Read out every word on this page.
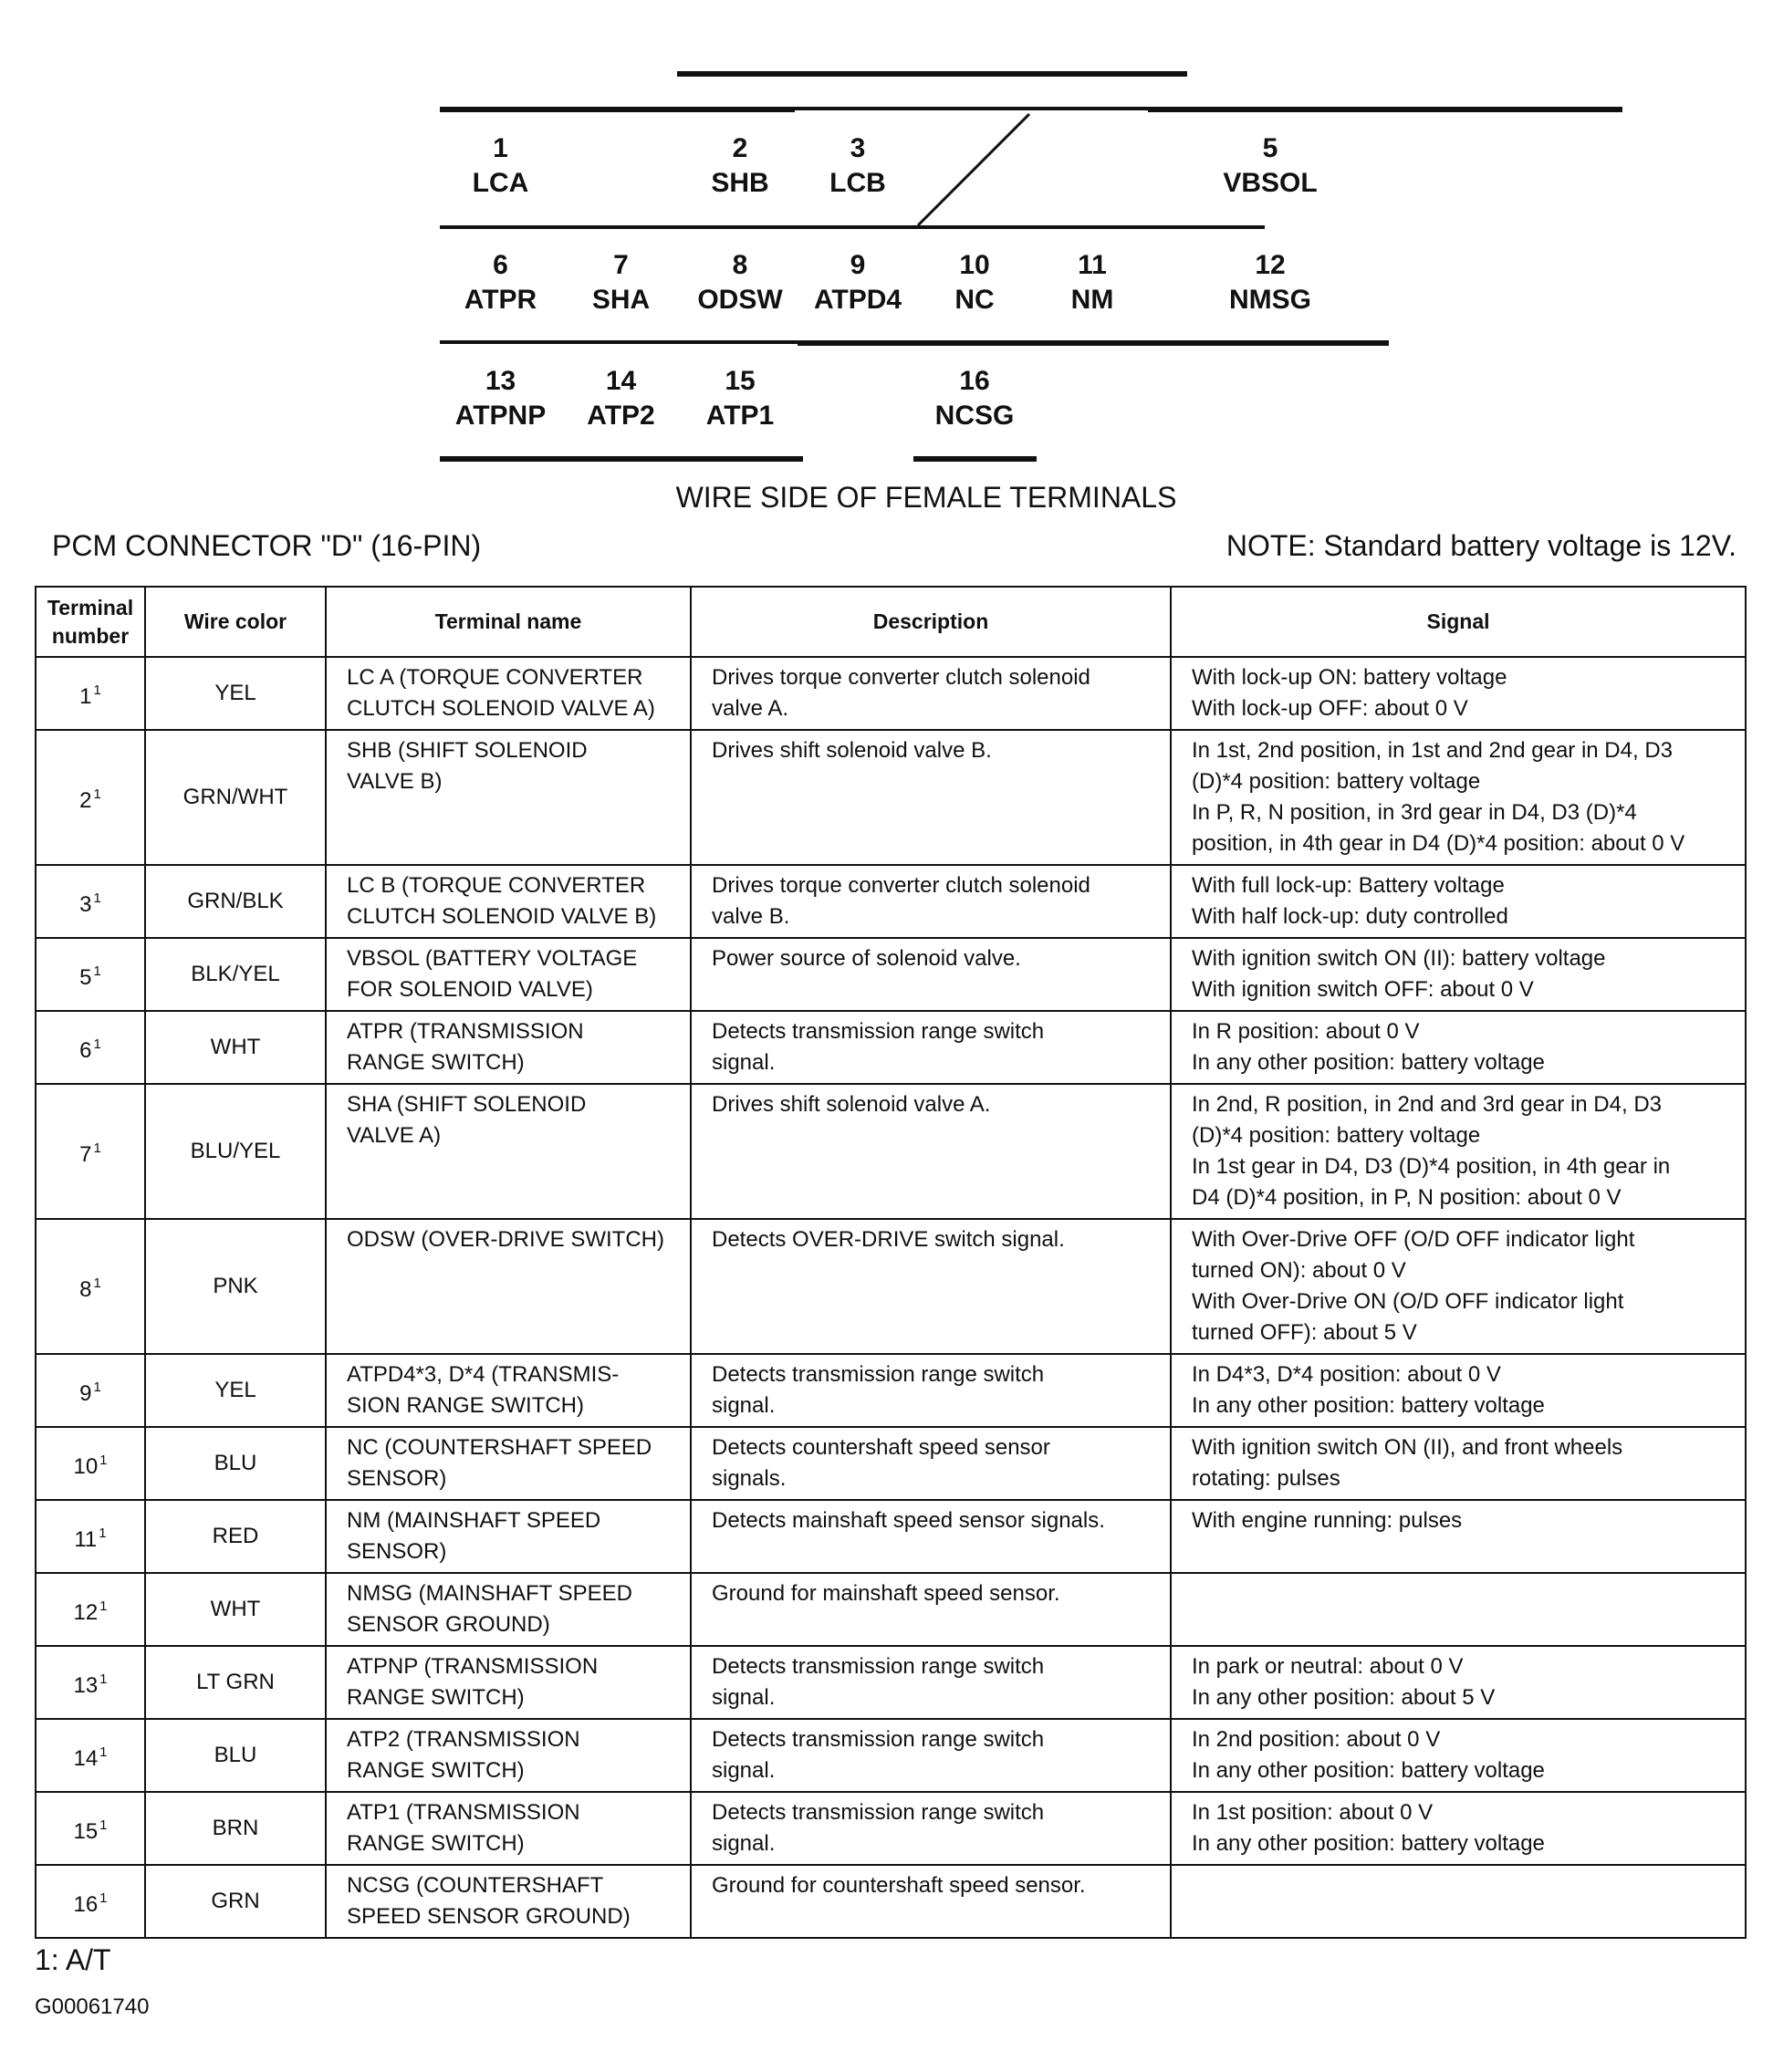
1
LCA
2
SHB
3
LCB
5
VBSOL
6
ATPR
7
SHA
8
ODSW
9
ATPD4
10
NC
11
NM
12
NMSG
13
ATPNP
14
ATP2
15
ATP1
16
NCSG
WIRE SIDE OF FEMALE TERMINALS
PCM CONNECTOR "D" (16-PIN)	NOTE: Standard battery voltage is 12V.
Terminal
number	Wire color	Terminal name	Description	Signal
1 $^1$	YEL	LC A (TORQUE CONVERTER
CLUTCH SOLENOID VALVE A)	Drives torque converter clutch solenoid
valve A.	With lock-up ON: battery voltage
With lock-up OFF: about 0 V
2 $^1$	GRN/WHT	SHB (SHIFT SOLENOID
VALVE B)	Drives shift solenoid valve B.	In 1st, 2nd position, in 1st and 2nd gear in D4, D3
(D)*4 position: battery voltage
In P, R, N position, in 3rd gear in D4, D3 (D)*4
position, in 4th gear in D4 (D)*4 position: about 0 V
3 $^1$	GRN/BLK	LC B (TORQUE CONVERTER
CLUTCH SOLENOID VALVE B)	Drives torque converter clutch solenoid
valve B.	With full lock-up: Battery voltage
With half lock-up: duty controlled
5 $^1$	BLK/YEL	VBSOL (BATTERY VOLTAGE
FOR SOLENOID VALVE)	Power source of solenoid valve.	With ignition switch ON (II): battery voltage
With ignition switch OFF: about 0 V
6 $^1$	WHT	ATPR (TRANSMISSION
RANGE SWITCH)	Detects transmission range switch
signal.	In R position: about 0 V
In any other position: battery voltage
7 $^1$	BLU/YEL	SHA (SHIFT SOLENOID
VALVE A)	Drives shift solenoid valve A.	In 2nd, R position, in 2nd and 3rd gear in D4, D3
(D)*4 position: battery voltage
In 1st gear in D4, D3 (D)*4 position, in 4th gear in
D4 (D)*4 position, in P, N position: about 0 V
8 $^1$	PNK	ODSW (OVER-DRIVE SWITCH)	Detects OVER-DRIVE switch signal.	With Over-Drive OFF (O/D OFF indicator light
turned ON): about 0 V
With Over-Drive ON (O/D OFF indicator light
turned OFF): about 5 V
9 $^1$	YEL	ATPD4*3, D*4 (TRANSMIS-
SION RANGE SWITCH)	Detects transmission range switch
signal.	In D4*3, D*4 position: about 0 V
In any other position: battery voltage
10 $^1$	BLU	NC (COUNTERSHAFT SPEED
SENSOR)	Detects countershaft speed sensor
signals.	With ignition switch ON (II), and front wheels
rotating: pulses
11 $^1$	RED	NM (MAINSHAFT SPEED
SENSOR)	Detects mainshaft speed sensor signals.	With engine running: pulses
12 $^1$	WHT	NMSG (MAINSHAFT SPEED
SENSOR GROUND)	Ground for mainshaft speed sensor.	
13 $^1$	LT GRN	ATPNP (TRANSMISSION
RANGE SWITCH)	Detects transmission range switch
signal.	In park or neutral: about 0 V
In any other position: about 5 V
14 $^1$	BLU	ATP2 (TRANSMISSION
RANGE SWITCH)	Detects transmission range switch
signal.	In 2nd position: about 0 V
In any other position: battery voltage
15 $^1$	BRN	ATP1 (TRANSMISSION
RANGE SWITCH)	Detects transmission range switch
signal.	In 1st position: about 0 V
In any other position: battery voltage
16 $^1$	GRN	NCSG (COUNTERSHAFT
SPEED SENSOR GROUND)	Ground for countershaft speed sensor.	
1: A/T
G00061740
